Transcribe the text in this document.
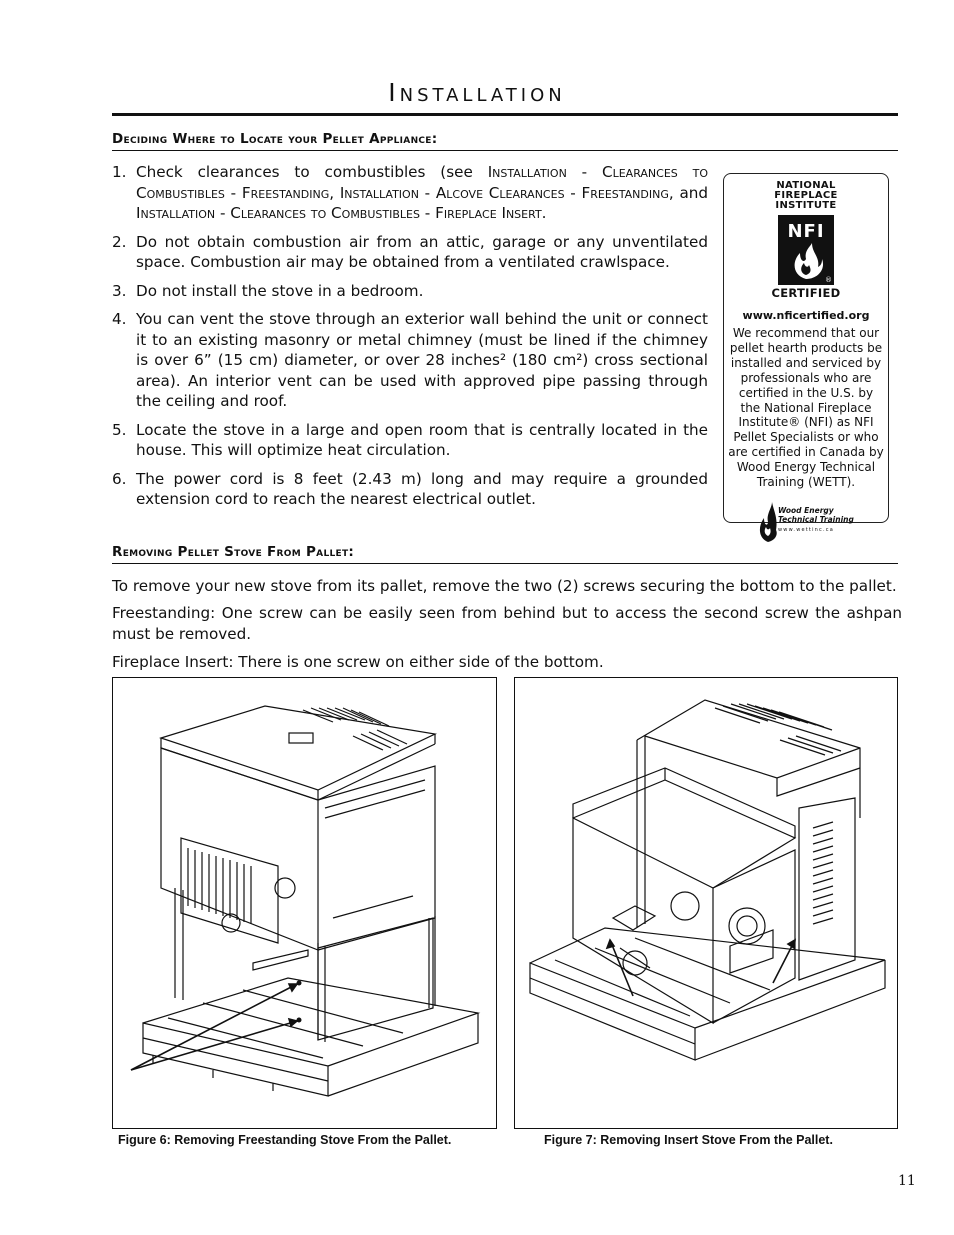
Installation
Deciding Where to Locate your Pellet Appliance:
1. Check clearances to combustibles (see Installation - Clearances to Combustibles - Freestanding, Installation - Alcove Clearances - Freestanding, and Installation - Clearances to Combustibles - Fireplace Insert.
2. Do not obtain combustion air from an attic, garage or any unventilated space. Combustion air may be obtained from a ventilated crawlspace.
3. Do not install the stove in a bedroom.
4. You can vent the stove through an exterior wall behind the unit or connect it to an existing masonry or metal chimney (must be lined if the chimney is over 6” (15 cm) diameter, or over 28 inches² (180 cm²) cross sectional area). An interior vent can be used with approved pipe passing through the ceiling and roof.
5. Locate the stove in a large and open room that is centrally located in the house. This will optimize heat circulation.
6. The power cord is 8 feet (2.43 m) long and may require a grounded extension cord to reach the nearest electrical outlet.
NATIONAL
FIREPLACE
INSTITUTE
NFI
®
CERTIFIED
www.nficertified.org
We recommend that our pellet hearth products be installed and serviced by professionals who are certified in the U.S. by the National Fireplace Institute® (NFI) as NFI Pellet Specialists or who are certified in Canada by Wood Energy Technical Training (WETT).
Wood Energy
Technical Training
www.wettinc.ca
Removing Pellet Stove From Pallet:

To remove your new stove from its pallet, remove the two (2) screws securing the bottom to the pallet.

Freestanding: One screw can be easily seen from behind but to access the second screw the ashpan must be removed.

Fireplace Insert: There is one screw on either side of the bottom.

Figure 6: Removing Freestanding Stove From the Pallet.	Figure 7: Removing Insert Stove From the Pallet.
11
